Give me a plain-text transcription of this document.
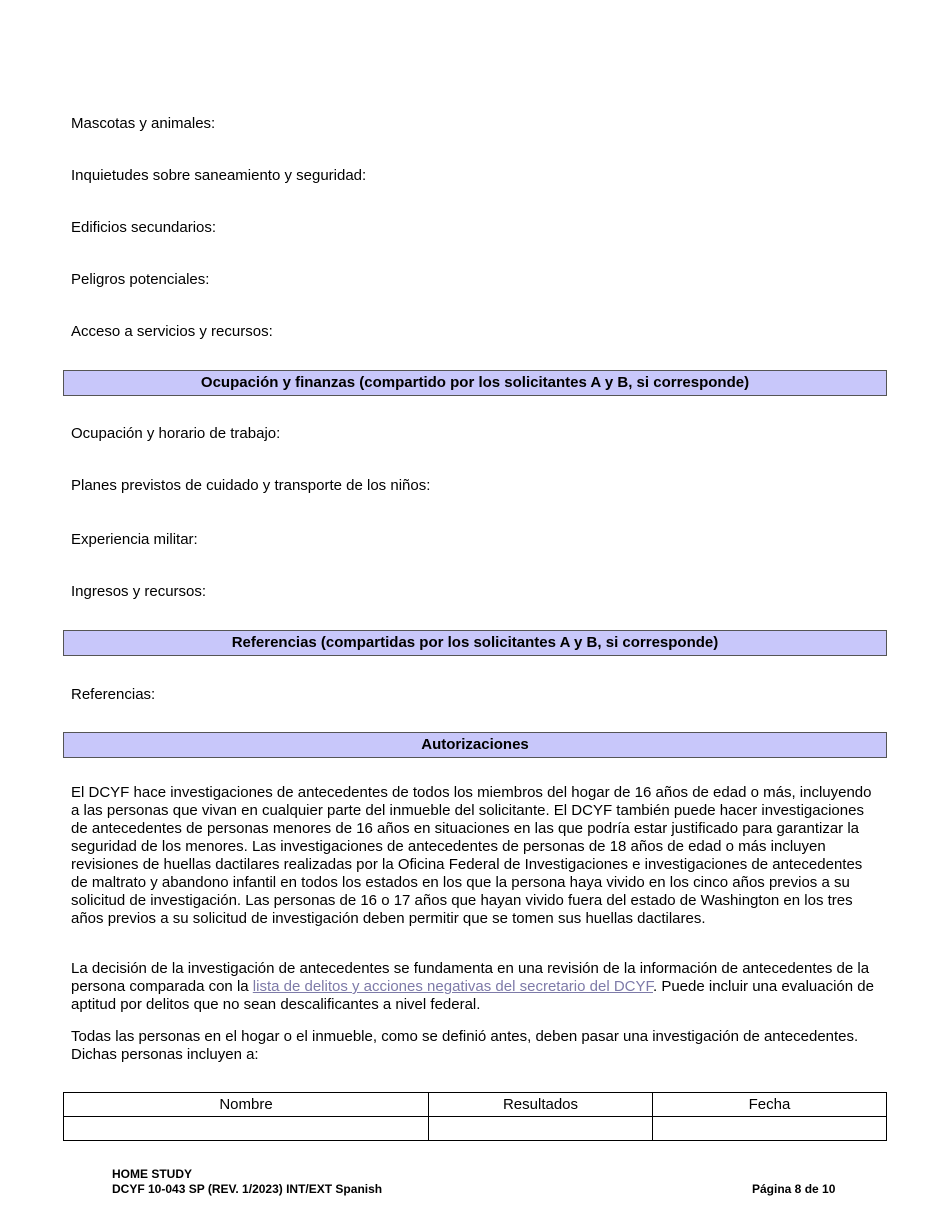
Mascotas y animales:
Inquietudes sobre saneamiento y seguridad:
Edificios secundarios:
Peligros potenciales:
Acceso a servicios y recursos:
Ocupación y finanzas (compartido por los solicitantes A y B, si corresponde)
Ocupación y horario de trabajo:
Planes previstos de cuidado y transporte de los niños:
Experiencia militar:
Ingresos y recursos:
Referencias (compartidas por los solicitantes A y B, si corresponde)
Referencias:
Autorizaciones

El DCYF hace investigaciones de antecedentes de todos los miembros del hogar de 16 años de edad o más, incluyendo a las personas que vivan en cualquier parte del inmueble del solicitante. El DCYF también puede hacer investigaciones de antecedentes de personas menores de 16 años en situaciones en las que podría estar justificado para garantizar la seguridad de los menores. Las investigaciones de antecedentes de personas de 18 años de edad o más incluyen revisiones de huellas dactilares realizadas por la Oficina Federal de Investigaciones e investigaciones de antecedentes de maltrato y abandono infantil en todos los estados en los que la persona haya vivido en los cinco años previos a su solicitud de investigación. Las personas de 16 o 17 años que hayan vivido fuera del estado de Washington en los tres años previos a su solicitud de investigación deben permitir que se tomen sus huellas dactilares.

La decisión de la investigación de antecedentes se fundamenta en una revisión de la información de antecedentes de la persona comparada con la lista de delitos y acciones negativas del secretario del DCYF. Puede incluir una evaluación de aptitud por delitos que no sean descalificantes a nivel federal.

Todas las personas en el hogar o el inmueble, como se definió antes, deben pasar una investigación de antecedentes. Dichas personas incluyen a:

Nombre	Resultados	Fecha

HOME STUDY
DCYF 10-043 SP (REV. 1/2023) INT/EXT Spanish	Página 8 de 10
